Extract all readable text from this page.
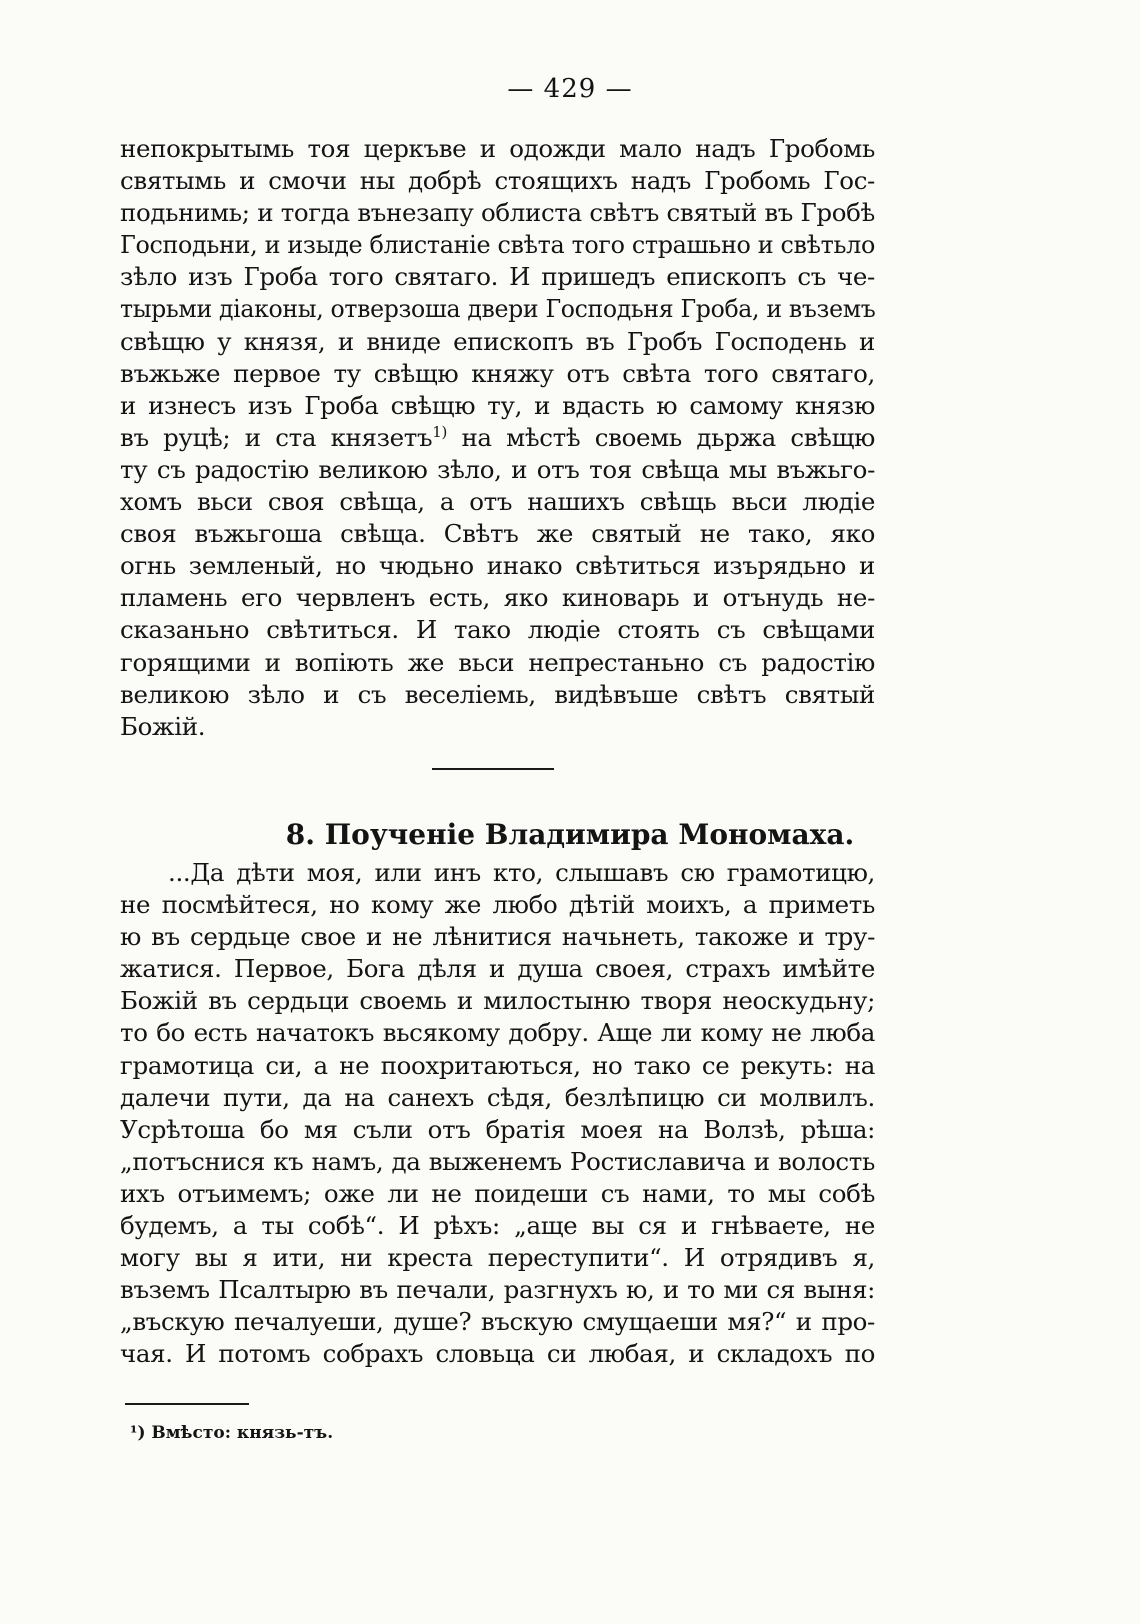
— 429 —
непокрытымь тоя церкъве и одожди мало надъ Гробомь
святымь и смочи ны добрѣ стоящихъ надъ Гробомь Гос-
подьнимь; и тогда вънезапу облиста свѣтъ святый въ Гробѣ
Господьни, и изыде блистаніе свѣта того страшьно и свѣтьло
зѣло изъ Гроба того святаго. И пришедъ епископъ съ че-
тырьми діаконы, отверзоша двери Господьня Гроба, и въземъ
свѣщю у князя, и вниде епископъ въ Гробъ Господень и
въжьже первое ту свѣщю княжу отъ свѣта того святаго,
и изнесъ изъ Гроба свѣщю ту, и вдасть ю самому князю
въ руцѣ; и ста князетъ$^{1)}$ на мѣстѣ своемь дьржа свѣщю
ту съ радостію великою зѣло, и отъ тоя свѣща мы въжьго-
хомъ вьси своя свѣща, а отъ нашихъ свѣщь вьси людіе
своя въжьгоша свѣща. Свѣтъ же святый не тако, яко
огнь земленый, но чюдьно инако свѣтиться изърядьно и
пламень его червленъ есть, яко киноварь и отънудь не-
сказаньно свѣтиться. И тако людіе стоять съ свѣщами
горящими и вопіють же вьси непрестаньно съ радостію
великою зѣло и съ веселіемь, видѣвъше свѣтъ святый
Божій.
8. Поученіе Владимира Мономаха.
...Да дѣти моя, или инъ кто, слышавъ сю грамотицю,
не посмѣйтеся, но кому же любо дѣтій моихъ, а приметь
ю въ сердьце свое и не лѣнитися начьнеть, такоже и тру-
жатися. Первое, Бога дѣля и душа своея, страхъ имѣйте
Божій въ сердьци своемь и милостыню творя неоскудьну;
то бо есть начатокъ вьсякому добру. Аще ли кому не люба
грамотица си, а не поохритаються, но тако се рекуть: на
далечи пути, да на санехъ сѣдя, безлѣпицю си молвилъ.
Усрѣтоша бо мя съли отъ братія моея на Волзѣ, рѣша:
„потъснися къ намъ, да выженемъ Ростиславича и волость
ихъ отъимемъ; оже ли не поидеши съ нами, то мы собѣ
будемъ, а ты собѣ“. И рѣхъ: „аще вы ся и гнѣваете, не
могу вы я ити, ни креста переступити“. И отрядивъ я,
въземъ Псалтырю въ печали, разгнухъ ю, и то ми ся выня:
„въскую печалуеши, душе? въскую смущаеши мя?“ и про-
чая. И потомъ собрахъ словьца си любая, и складохъ по
¹) Вмѣсто: князь-тъ.
